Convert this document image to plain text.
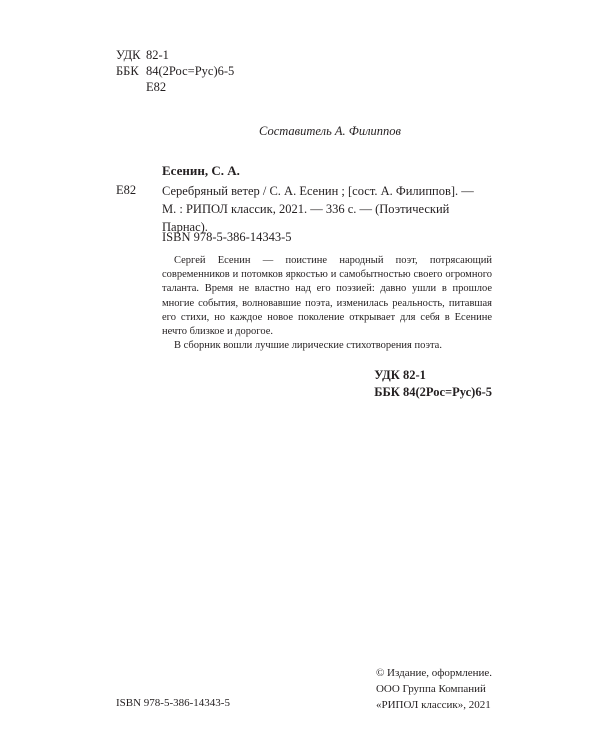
УДК 82-1
ББК 84(2Рос=Рус)6-5
Е82
Составитель А. Филиппов
Есенин, С. А.
Е82 Серебряный ветер / С. А. Есенин ; [сост. А. Филиппов]. —
М. : РИПОЛ классик, 2021. — 336 с. — (Поэтический Парнас).
ISBN 978-5-386-14343-5

Сергей Есенин — поистине народный поэт, потрясающий современников и потомков яркостью и самобытностью своего огромного таланта. Время не властно над его поэзией: давно ушли в прошлое многие события, волновавшие поэта, изменилась реальность, питавшая его стихи, но каждое новое поколение открывает для себя в Есенине нечто близкое и дорогое.

В сборник вошли лучшие лирические стихотворения поэта.

УДК 82-1
ББК 84(2Рос=Рус)6-5
© Издание, оформление.
ООО Группа Компаний
«РИПОЛ классик», 2021
ISBN 978-5-386-14343-5
